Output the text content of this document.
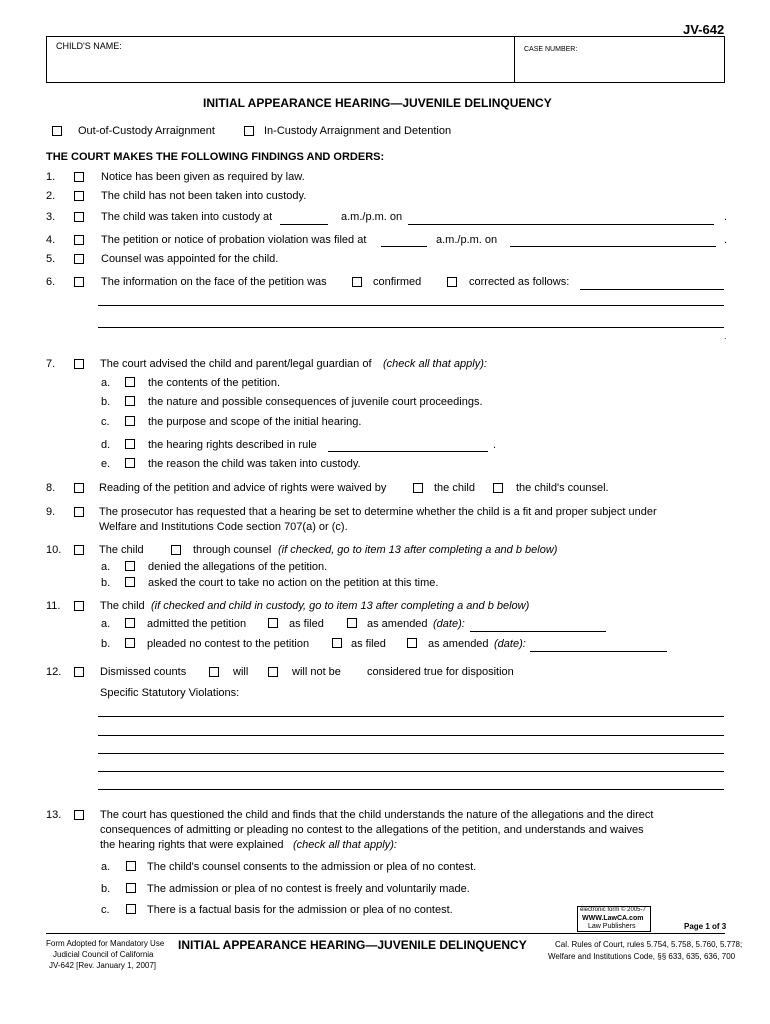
JV-642
CHILD'S NAME:	CASE NUMBER:
INITIAL APPEARANCE HEARING—JUVENILE DELINQUENCY
Out-of-Custody Arraignment	In-Custody Arraignment and Detention
THE COURT MAKES THE FOLLOWING FINDINGS AND ORDERS:
1.	Notice has been given as required by law.
2.	The child has not been taken into custody.
3.	The child was taken into custody at	a.m./p.m. on	.
4.	The petition or notice of probation violation was filed at	a.m./p.m. on	.
5.	Counsel was appointed for the child.
6.	The information on the face of the petition was	confirmed	corrected as follows:
.
7.	The court advised the child and parent/legal guardian of (check all that apply):
a.	the contents of the petition.
b.	the nature and possible consequences of juvenile court proceedings.
c.	the purpose and scope of the initial hearing.
d.	the hearing rights described in rule	.
e.	the reason the child was taken into custody.
8.	Reading of the petition and advice of rights were waived by	the child	the child's counsel.
9.	The prosecutor has requested that a hearing be set to determine whether the child is a fit and proper subject under
Welfare and Institutions Code section 707(a) or (c).
10.	The child	through counsel (if checked, go to item 13 after completing a and b below)
a.	denied the allegations of the petition.
b.	asked the court to take no action on the petition at this time.
11.	The child (if checked and child in custody, go to item 13 after completing a and b below)
a.	admitted the petition	as filed	as amended (date):
b.	pleaded no contest to the petition	as filed	as amended (date):
12.	Dismissed counts	will	will not be considered true for disposition
Specific Statutory Violations:
13.	The court has questioned the child and finds that the child understands the nature of the allegations and the direct
consequences of admitting or pleading no contest to the allegations of the petition, and understands and waives
the hearing rights that were explained (check all that apply):
a.	The child's counsel consents to the admission or plea of no contest.
b.	The admission or plea of no contest is freely and voluntarily made.
c.	There is a factual basis for the admission or plea of no contest.	electronic form © 2005-7
WWW.LawCA.com
Law Publishers	Page 1 of 3
Form Adopted for Mandatory Use
Judicial Council of California
JV-642 [Rev. January 1, 2007]
INITIAL APPEARANCE HEARING—JUVENILE DELINQUENCY	Cal. Rules of Court, rules 5.754, 5.758, 5.760, 5.778;
Welfare and Institutions Code, §§ 633, 635, 636, 700
